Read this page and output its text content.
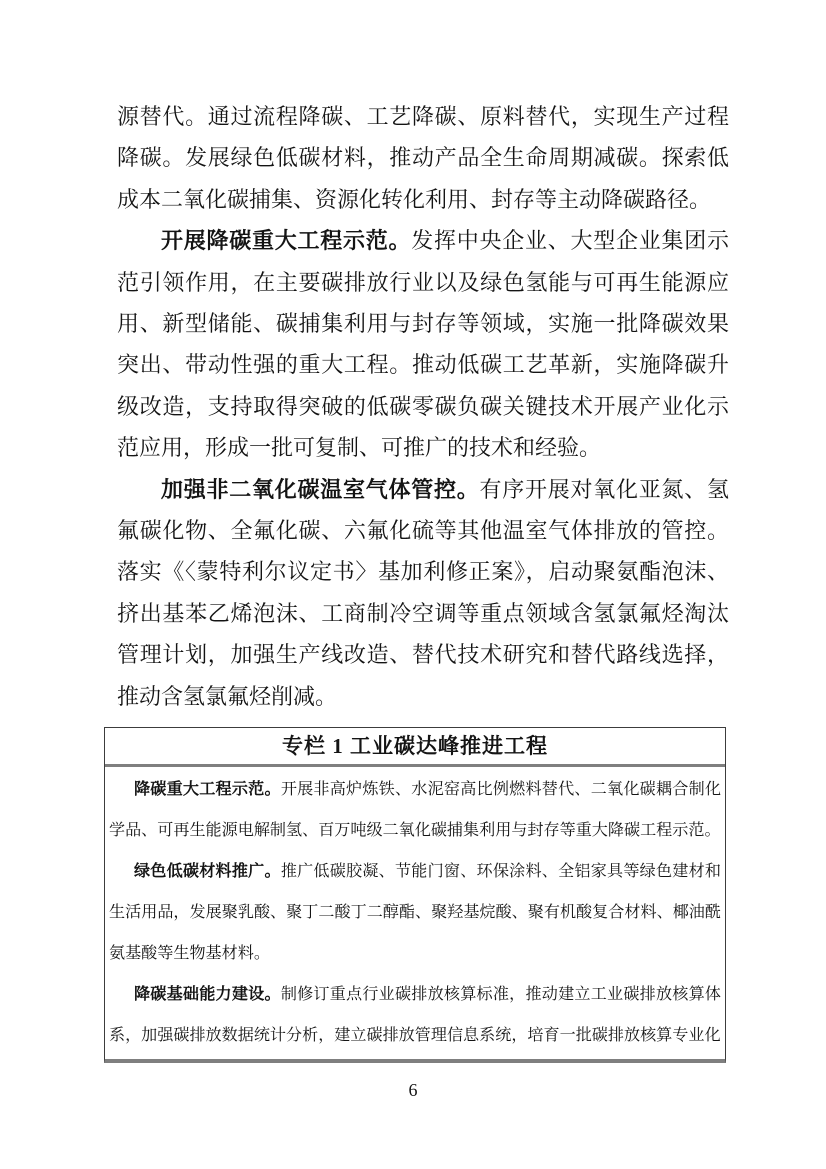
源替代。通过流程降碳、工艺降碳、原料替代，实现生产过程降碳。发展绿色低碳材料，推动产品全生命周期减碳。探索低成本二氧化碳捕集、资源化转化利用、封存等主动降碳路径。

开展降碳重大工程示范。发挥中央企业、大型企业集团示范引领作用，在主要碳排放行业以及绿色氢能与可再生能源应用、新型储能、碳捕集利用与封存等领域，实施一批降碳效果突出、带动性强的重大工程。推动低碳工艺革新，实施降碳升级改造，支持取得突破的低碳零碳负碳关键技术开展产业化示范应用，形成一批可复制、可推广的技术和经验。

加强非二氧化碳温室气体管控。有序开展对氧化亚氮、氢氟碳化物、全氟化碳、六氟化硫等其他温室气体排放的管控。落实《〈蒙特利尔议定书〉基加利修正案》，启动聚氨酯泡沫、挤出基苯乙烯泡沫、工商制冷空调等重点领域含氢氯氟烃淘汰管理计划，加强生产线改造、替代技术研究和替代路线选择，推动含氢氯氟烃削减。

专栏 1 工业碳达峰推进工程

降碳重大工程示范。开展非高炉炼铁、水泥窑高比例燃料替代、二氧化碳耦合制化学品、可再生能源电解制氢、百万吨级二氧化碳捕集利用与封存等重大降碳工程示范。

绿色低碳材料推广。推广低碳胶凝、节能门窗、环保涂料、全铝家具等绿色建材和生活用品，发展聚乳酸、聚丁二酸丁二醇酯、聚羟基烷酸、聚有机酸复合材料、椰油酰氨基酸等生物基材料。

降碳基础能力建设。制修订重点行业碳排放核算标准，推动建立工业碳排放核算体系，加强碳排放数据统计分析，建立碳排放管理信息系统，培育一批碳排放核算专业化

6
